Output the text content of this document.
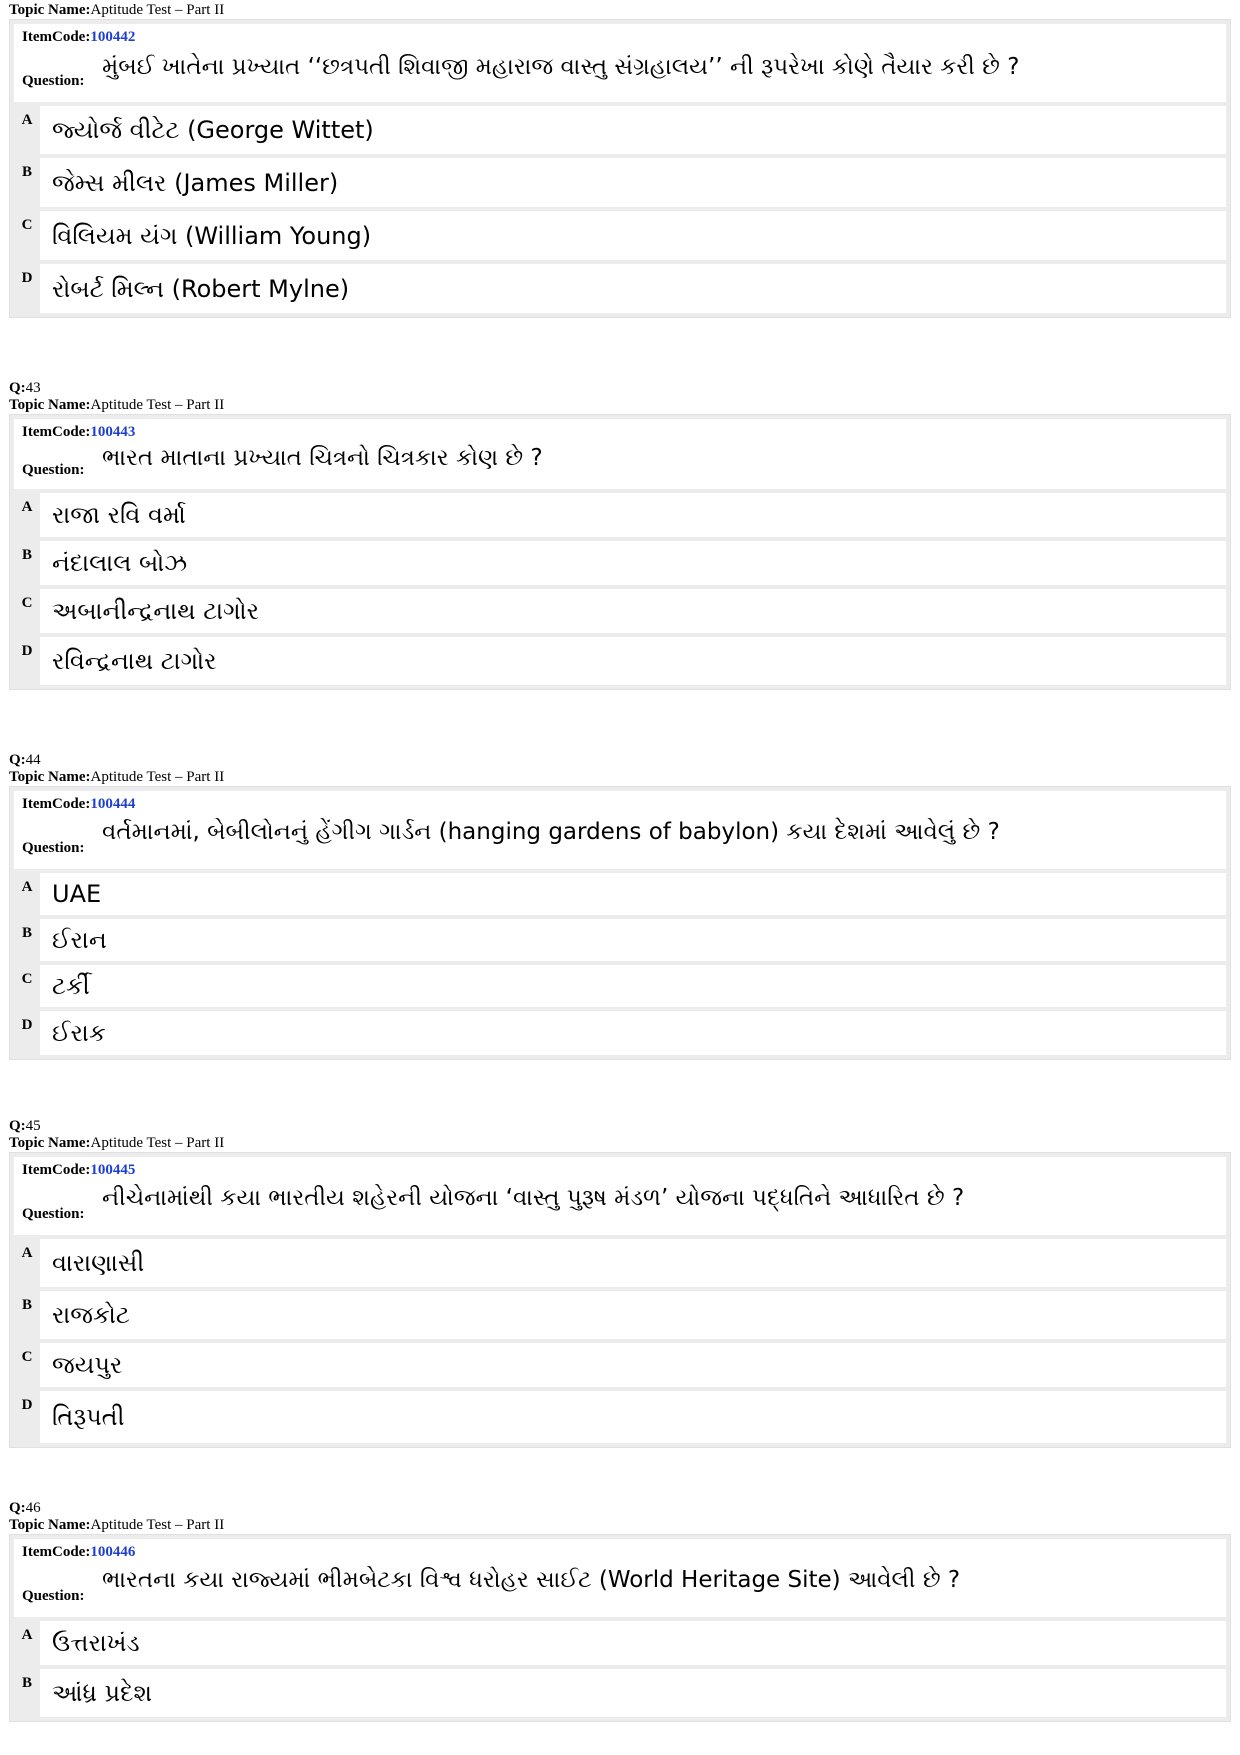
Topic Name:Aptitude Test – Part II
ItemCode:100442
Question:
મુંબઈ ખાતેના પ્રખ્યાત ‘‘છત્રપતી શિવાજી મહારાજ વાસ્તુ સંગ્રહાલય’’ ની રૂપરેખા કોણે તૈયાર કરી છે ?
A જ્યોર્જ વીટેટ (George Wittet)
B જેમ્સ મીલર (James Miller)
C વિલિયમ યંગ (William Young)
D રોબર્ટ મિલ્ન (Robert Mylne)
Q:43
Topic Name:Aptitude Test – Part II
ItemCode:100443
Question: ભારત માતાના પ્રખ્યાત ચિત્રનો ચિત્રકાર કોણ છે ?
A રાજા રવિ વર્મા
B નંદાલાલ બોઝ
C અબાનીન્દ્રનાથ ટાગોર
D રવિન્દ્રનાથ ટાગોર
Q:44
Topic Name:Aptitude Test – Part II
ItemCode:100444
Question:
વર્તમાનમાં, બેબીલોનનું હેંગીગ ગાર્ડન (hanging gardens of babylon) કયા દેશમાં આવેલું છે ?
A UAE
B ઈરાન
C ટર્કી
D ઈરાક
Q:45
Topic Name:Aptitude Test – Part II
ItemCode:100445
Question:
નીચેનામાંથી કયા ભારતીય શહેરની યોજના ‘વાસ્તુ પુરૂષ મંડળ’ યોજના પદ્ધતિને આધારિત છે ?
A વારાણાસી
B રાજકોટ
C જયપુર
D તિરૂપતી
Q:46
Topic Name:Aptitude Test – Part II
ItemCode:100446
Question:
ભારતના કયા રાજ્યમાં ભીમબેટકા વિશ્વ ધરોહર સાઈટ (World Heritage Site) આવેલી છે ?
A ઉત્તરાખંડ
B આંધ્ર પ્રદેશ
